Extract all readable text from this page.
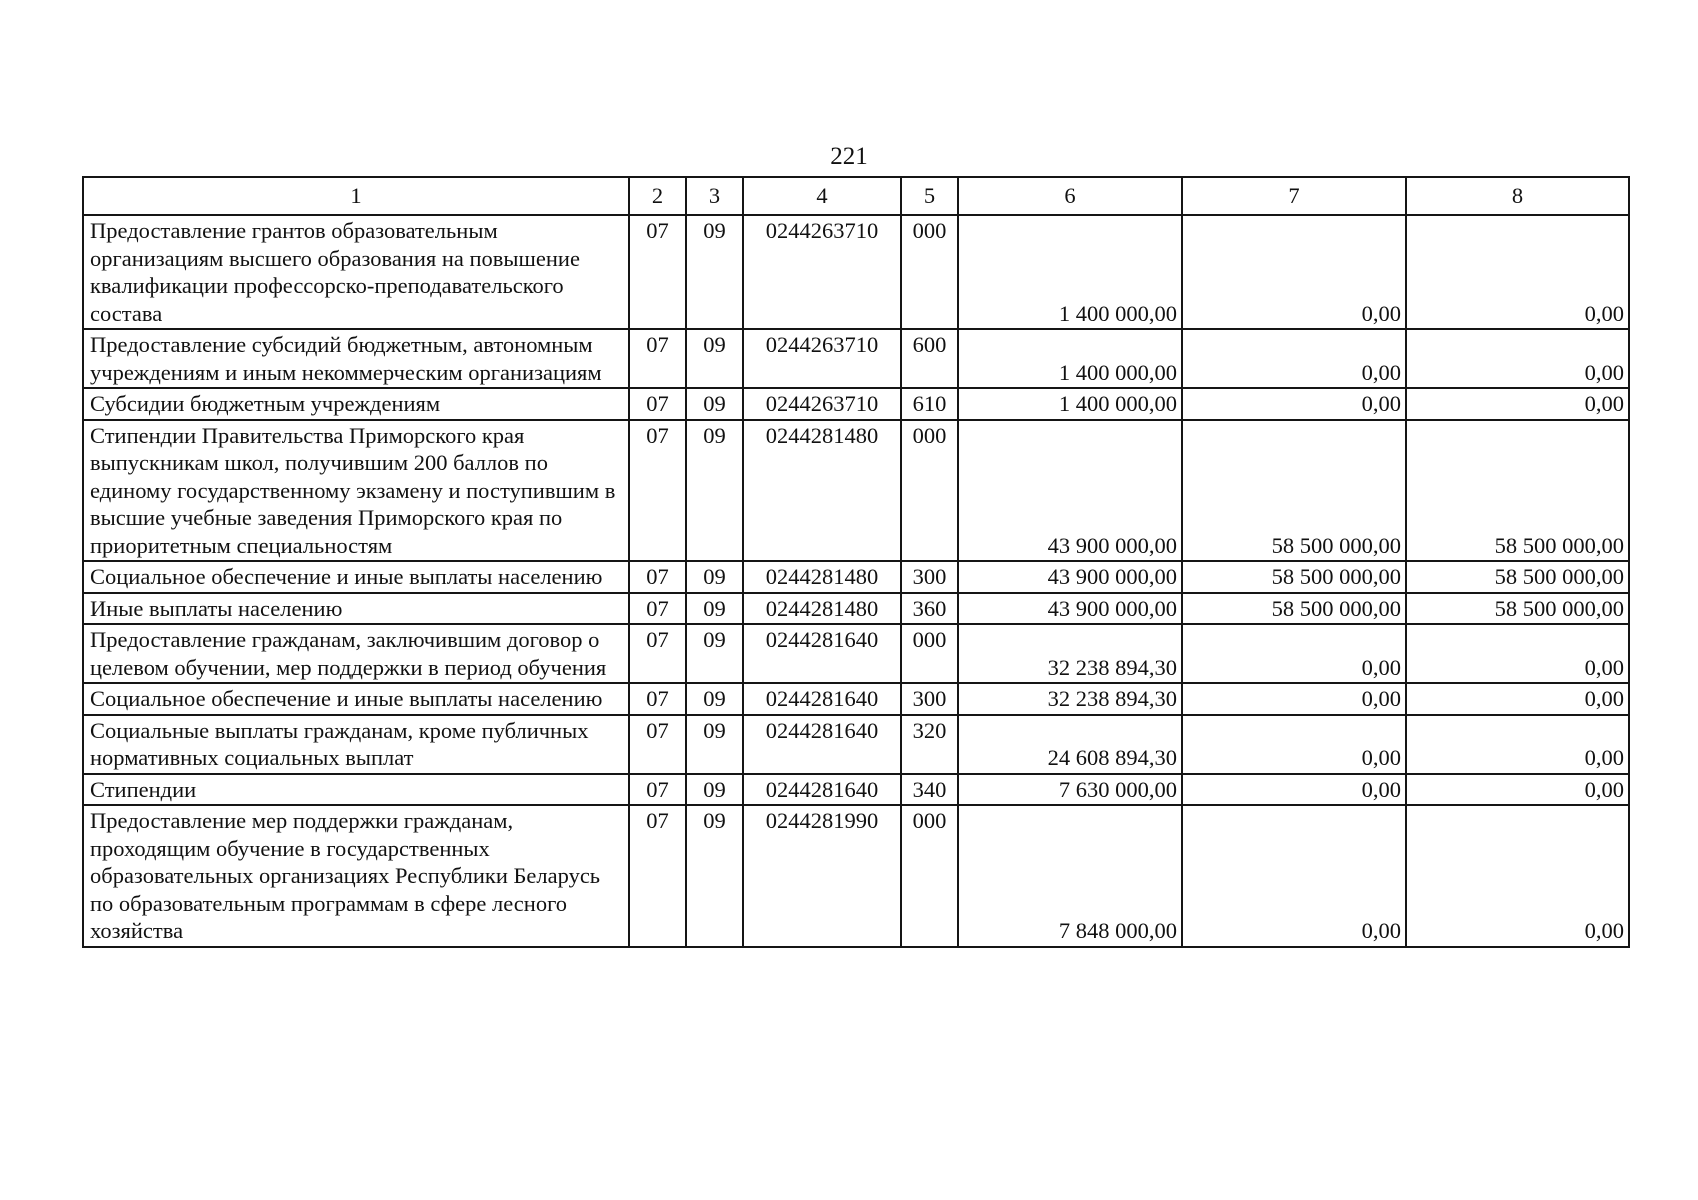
221
1	2	3	4	5	6	7	8
Предоставление грантов образовательным организациям высшего образования на повышение квалификации профессорско-преподавательского состава	07	09	0244263710	000	1 400 000,00	0,00	0,00
Предоставление субсидий бюджетным, автономным учреждениям и иным некоммерческим организациям	07	09	0244263710	600	1 400 000,00	0,00	0,00
Субсидии бюджетным учреждениям	07	09	0244263710	610	1 400 000,00	0,00	0,00
Стипендии Правительства Приморского края выпускникам школ, получившим 200 баллов по единому государственному экзамену и поступившим в высшие учебные заведения Приморского края по приоритетным специальностям	07	09	0244281480	000	43 900 000,00	58 500 000,00	58 500 000,00
Социальное обеспечение и иные выплаты населению	07	09	0244281480	300	43 900 000,00	58 500 000,00	58 500 000,00
Иные выплаты населению	07	09	0244281480	360	43 900 000,00	58 500 000,00	58 500 000,00
Предоставление гражданам, заключившим договор о целевом обучении, мер поддержки в период обучения	07	09	0244281640	000	32 238 894,30	0,00	0,00
Социальное обеспечение и иные выплаты населению	07	09	0244281640	300	32 238 894,30	0,00	0,00
Социальные выплаты гражданам, кроме публичных нормативных социальных выплат	07	09	0244281640	320	24 608 894,30	0,00	0,00
Стипендии	07	09	0244281640	340	7 630 000,00	0,00	0,00
Предоставление мер поддержки гражданам, проходящим обучение в государственных образовательных организациях Республики Беларусь по образовательным программам в сфере лесного хозяйства	07	09	0244281990	000	7 848 000,00	0,00	0,00
